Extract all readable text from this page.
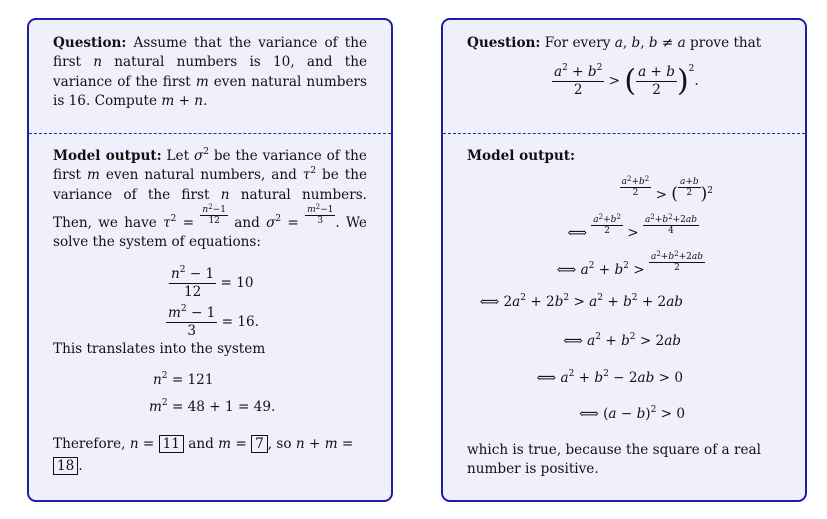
Question: Assume that the variance of the first n natural numbers is 10, and the variance of the first m even natural numbers is 16. Compute m + n.

Model output: Let $\sigma^2$ be the variance of the first m even natural numbers, and $\tau^2$ be the variance of the first n natural numbers. Then, we have $\tau^2 = \frac{n^2-1}{12}$ and $\sigma^2 = \frac{m^2-1}{3}$ . We solve the system of equations:

$\frac{n^2 - 1}{12} = 10$
$\frac{m^2 - 1}{3} = 16$.

This translates into the system

$n^2 = 121$
$m^2 = 48 + 1 = 49$.

Therefore, n = 11 and m = 7 , so n + m =
18 .

Question: For every a, b, b ≠ a prove that

$\frac{a^2 + b^2}{2}$ > ( $\frac{a + b}{2} )^2$.

Model output:

$\frac{a^2+b^2}{2}$ > ( $\frac{a+b}{2} )^2$
⟺ $\frac{a^2+b^2}{2} > \frac{a^2+b^2+2ab}{4}$
⟺ $a^2 + b^2 > \frac{a^2+b^2+2ab}{2}$
⟺ $2a^2 + 2b^2 > a^2 + b^2 + 2ab$
⟺ $a^2 + b^2 > 2ab$
⟺ $a^2 + b^2 - 2ab > 0$
⟺ $(a - b)^2 > 0$

which is true, because the square of a real number is positive.
